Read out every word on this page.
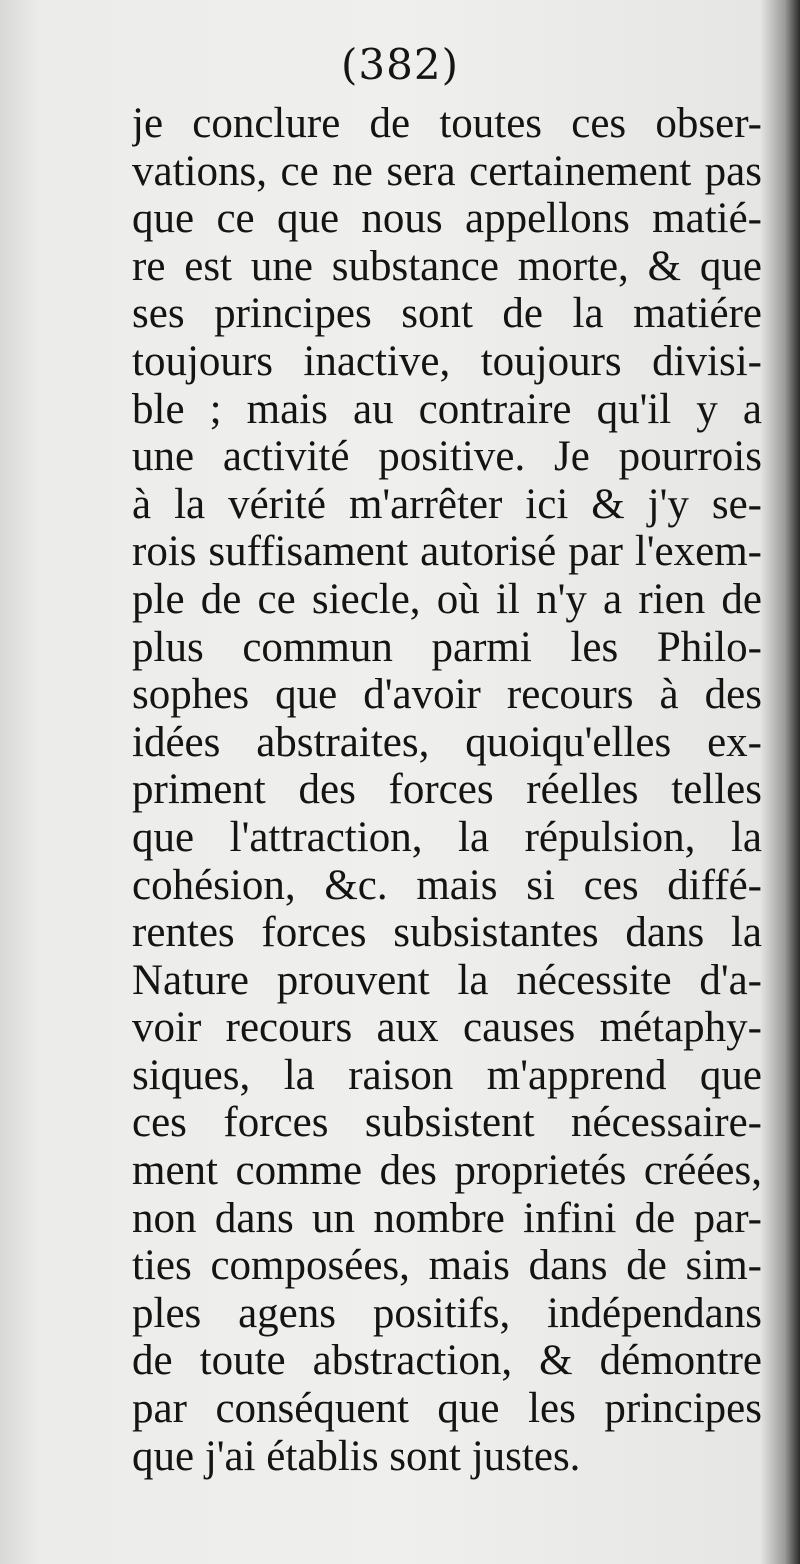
(382)
je conclure de toutes ces obser-
vations, ce ne sera certainement pas
que ce que nous appellons matié-
re est une substance morte, & que
ses principes sont de la matiére
toujours inactive, toujours divisi-
ble ; mais au contraire qu'il y a
une activité positive. Je pourrois
à la vérité m'arrêter ici & j'y se-
rois suffisament autorisé par l'exem-
ple de ce siecle, où il n'y a rien de
plus commun parmi les Philo-
sophes que d'avoir recours à des
idées abstraites, quoiqu'elles ex-
priment des forces réelles telles
que l'attraction, la répulsion, la
cohésion, &c. mais si ces diffé-
rentes forces subsistantes dans la
Nature prouvent la nécessite d'a-
voir recours aux causes métaphy-
siques, la raison m'apprend que
ces forces subsistent nécessaire-
ment comme des proprietés créées,
non dans un nombre infini de par-
ties composées, mais dans de sim-
ples agens positifs, indépendans
de toute abstraction, & démontre
par conséquent que les principes
que j'ai établis sont justes.
